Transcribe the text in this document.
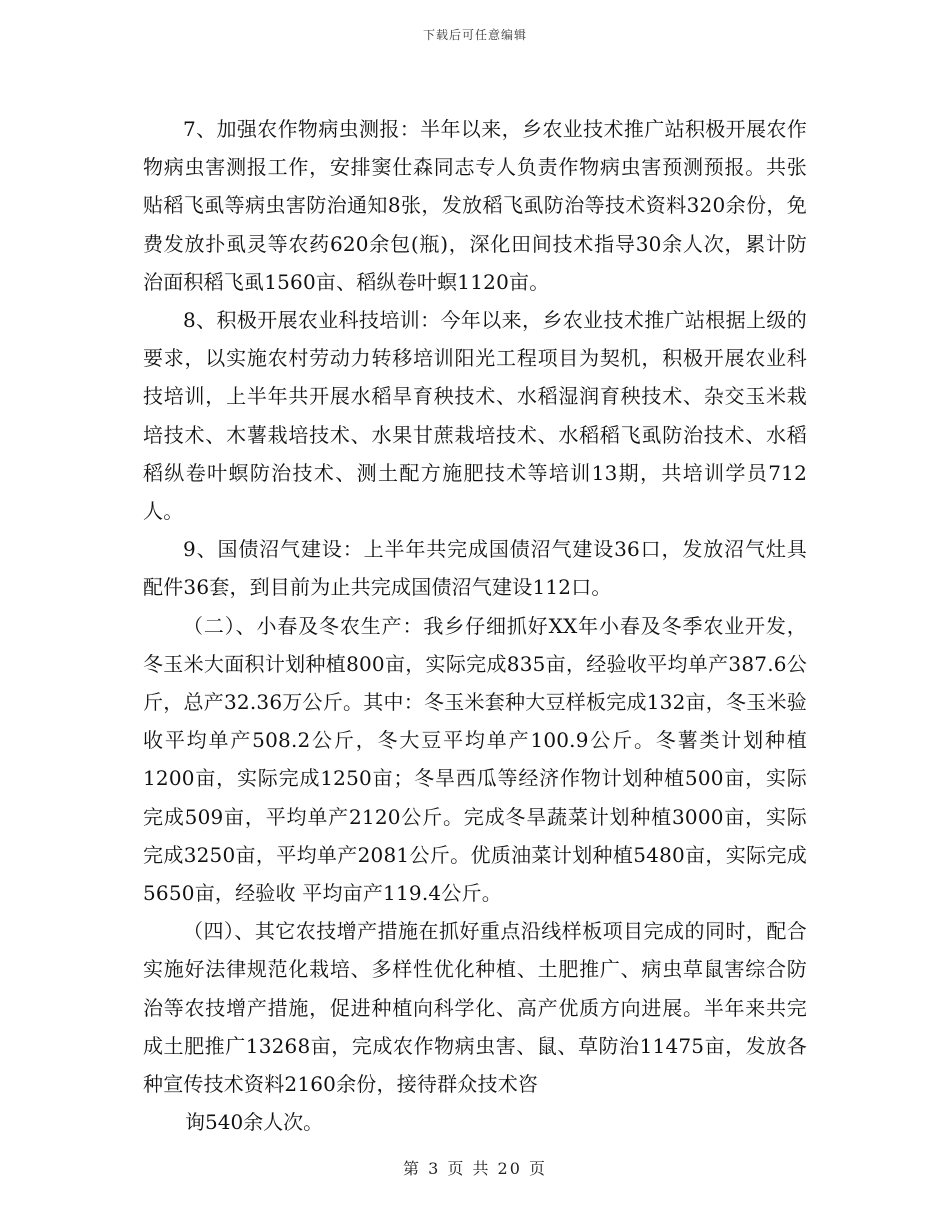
下载后可任意编辑

7、加强农作物病虫测报：半年以来，乡农业技术推广站积极开展农作物病虫害测报工作，安排窦仕森同志专人负责作物病虫害预测预报。共张贴稻飞虱等病虫害防治通知8张，发放稻飞虱防治等技术资料320余份，免费发放扑虱灵等农药620余包(瓶)，深化田间技术指导30余人次，累计防治面积稻飞虱1560亩、稻纵卷叶螟1120亩。

8、积极开展农业科技培训：今年以来，乡农业技术推广站根据上级的要求，以实施农村劳动力转移培训阳光工程项目为契机，积极开展农业科技培训，上半年共开展水稻旱育秧技术、水稻湿润育秧技术、杂交玉米栽培技术、木薯栽培技术、水果甘蔗栽培技术、水稻稻飞虱防治技术、水稻稻纵卷叶螟防治技术、测土配方施肥技术等培训13期，共培训学员712人。

9、国债沼气建设：上半年共完成国债沼气建设36口，发放沼气灶具配件36套，到目前为止共完成国债沼气建设112口。

（二）、小春及冬农生产：我乡仔细抓好XX年小春及冬季农业开发，冬玉米大面积计划种植800亩，实际完成835亩，经验收平均单产387.6公斤，总产32.36万公斤。其中：冬玉米套种大豆样板完成132亩，冬玉米验收平均单产508.2公斤，冬大豆平均单产100.9公斤。冬薯类计划种植1200亩，实际完成1250亩；冬旱西瓜等经济作物计划种植500亩，实际完成509亩，平均单产2120公斤。完成冬旱蔬菜计划种植3000亩，实际完成3250亩，平均单产2081公斤。优质油菜计划种植5480亩，实际完成5650亩，经验收 平均亩产119.4公斤。

（四）、其它农技增产措施在抓好重点沿线样板项目完成的同时，配合实施好法律规范化栽培、多样性优化种植、土肥推广、病虫草鼠害综合防治等农技增产措施，促进种植向科学化、高产优质方向进展。半年来共完成土肥推广13268亩，完成农作物病虫害、鼠、草防治11475亩，发放各种宣传技术资料2160余份，接待群众技术咨

询540余人次。

第 3 页 共 20 页
